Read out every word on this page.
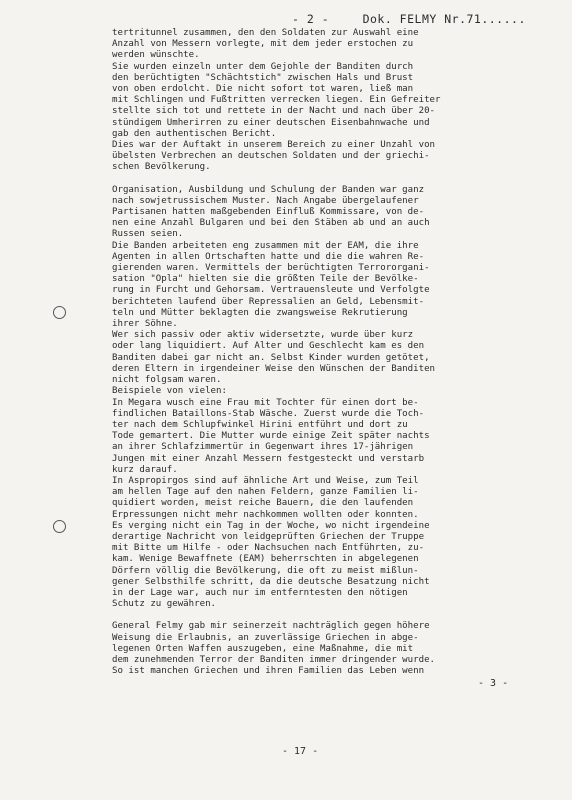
- 2 -	Dok. FELMY Nr.71......

tertritunnel zusammen, den den Soldaten zur Auswahl eine

Anzahl von Messern vorlegte, mit dem jeder erstochen zu

werden wünschte.

Sie wurden einzeln unter dem Gejohle der Banditen durch

den berüchtigten "Schächtstich" zwischen Hals und Brust

von oben erdolcht. Die nicht sofort tot waren, ließ man

mit Schlingen und Fußtritten verrecken liegen. Ein Gefreiter

stellte sich tot und rettete in der Nacht und nach über 20-

stündigem Umherirren zu einer deutschen Eisenbahnwache und

gab den authentischen Bericht.

Dies war der Auftakt in unserem Bereich zu einer Unzahl von

übelsten Verbrechen an deutschen Soldaten und der griechi-

schen Bevölkerung.

Organisation, Ausbildung und Schulung der Banden war ganz

nach sowjetrussischem Muster. Nach Angabe übergelaufener

Partisanen hatten maßgebenden Einfluß Kommissare, von de-

nen eine Anzahl Bulgaren und bei den Stäben ab und an auch

Russen seien.

Die Banden arbeiteten eng zusammen mit der EAM, die ihre

Agenten in allen Ortschaften hatte und die die wahren Re-

gierenden waren. Vermittels der berüchtigten Terrororgani-

sation "Opla" hielten sie die größten Teile der Bevölke-

rung in Furcht und Gehorsam. Vertrauensleute und Verfolgte

berichteten laufend über Repressalien an Geld, Lebensmit-

teln und Mütter beklagten die zwangsweise Rekrutierung

ihrer Söhne.

Wer sich passiv oder aktiv widersetzte, wurde über kurz

oder lang liquidiert. Auf Alter und Geschlecht kam es den

Banditen dabei gar nicht an. Selbst Kinder wurden getötet,

deren Eltern in irgendeiner Weise den Wünschen der Banditen

nicht folgsam waren.

Beispiele von vielen:

In Megara wusch eine Frau mit Tochter für einen dort be-

findlichen Bataillons-Stab Wäsche. Zuerst wurde die Toch-

ter nach dem Schlupfwinkel Hirini entführt und dort zu

Tode gemartert. Die Mutter wurde einige Zeit später nachts

an ihrer Schlafzimmertür in Gegenwart ihres 17-jährigen

Jungen mit einer Anzahl Messern festgesteckt und verstarb

kurz darauf.

In Aspropirgos sind auf ähnliche Art und Weise, zum Teil

am hellen Tage auf den nahen Feldern, ganze Familien li-

quidiert worden, meist reiche Bauern, die den laufenden

Erpressungen nicht mehr nachkommen wollten oder konnten.

Es verging nicht ein Tag in der Woche, wo nicht irgendeine

derartige Nachricht von leidgeprüften Griechen der Truppe

mit Bitte um Hilfe - oder Nachsuchen nach Entführten, zu-

kam. Wenige Bewaffnete (EAM) beherrschten in abgelegenen

Dörfern völlig die Bevölkerung, die oft zu meist mißlun-

gener Selbsthilfe schritt, da die deutsche Besatzung nicht

in der Lage war, auch nur im entferntesten den nötigen

Schutz zu gewähren.

General Felmy gab mir seinerzeit nachträglich gegen höhere

Weisung die Erlaubnis, an zuverlässige Griechen in abge-

legenen Orten Waffen auszugeben, eine Maßnahme, die mit

dem zunehmenden Terror der Banditen immer dringender wurde.

So ist manchen Griechen und ihren Familien das Leben wenn

- 3 -
- 17 -
